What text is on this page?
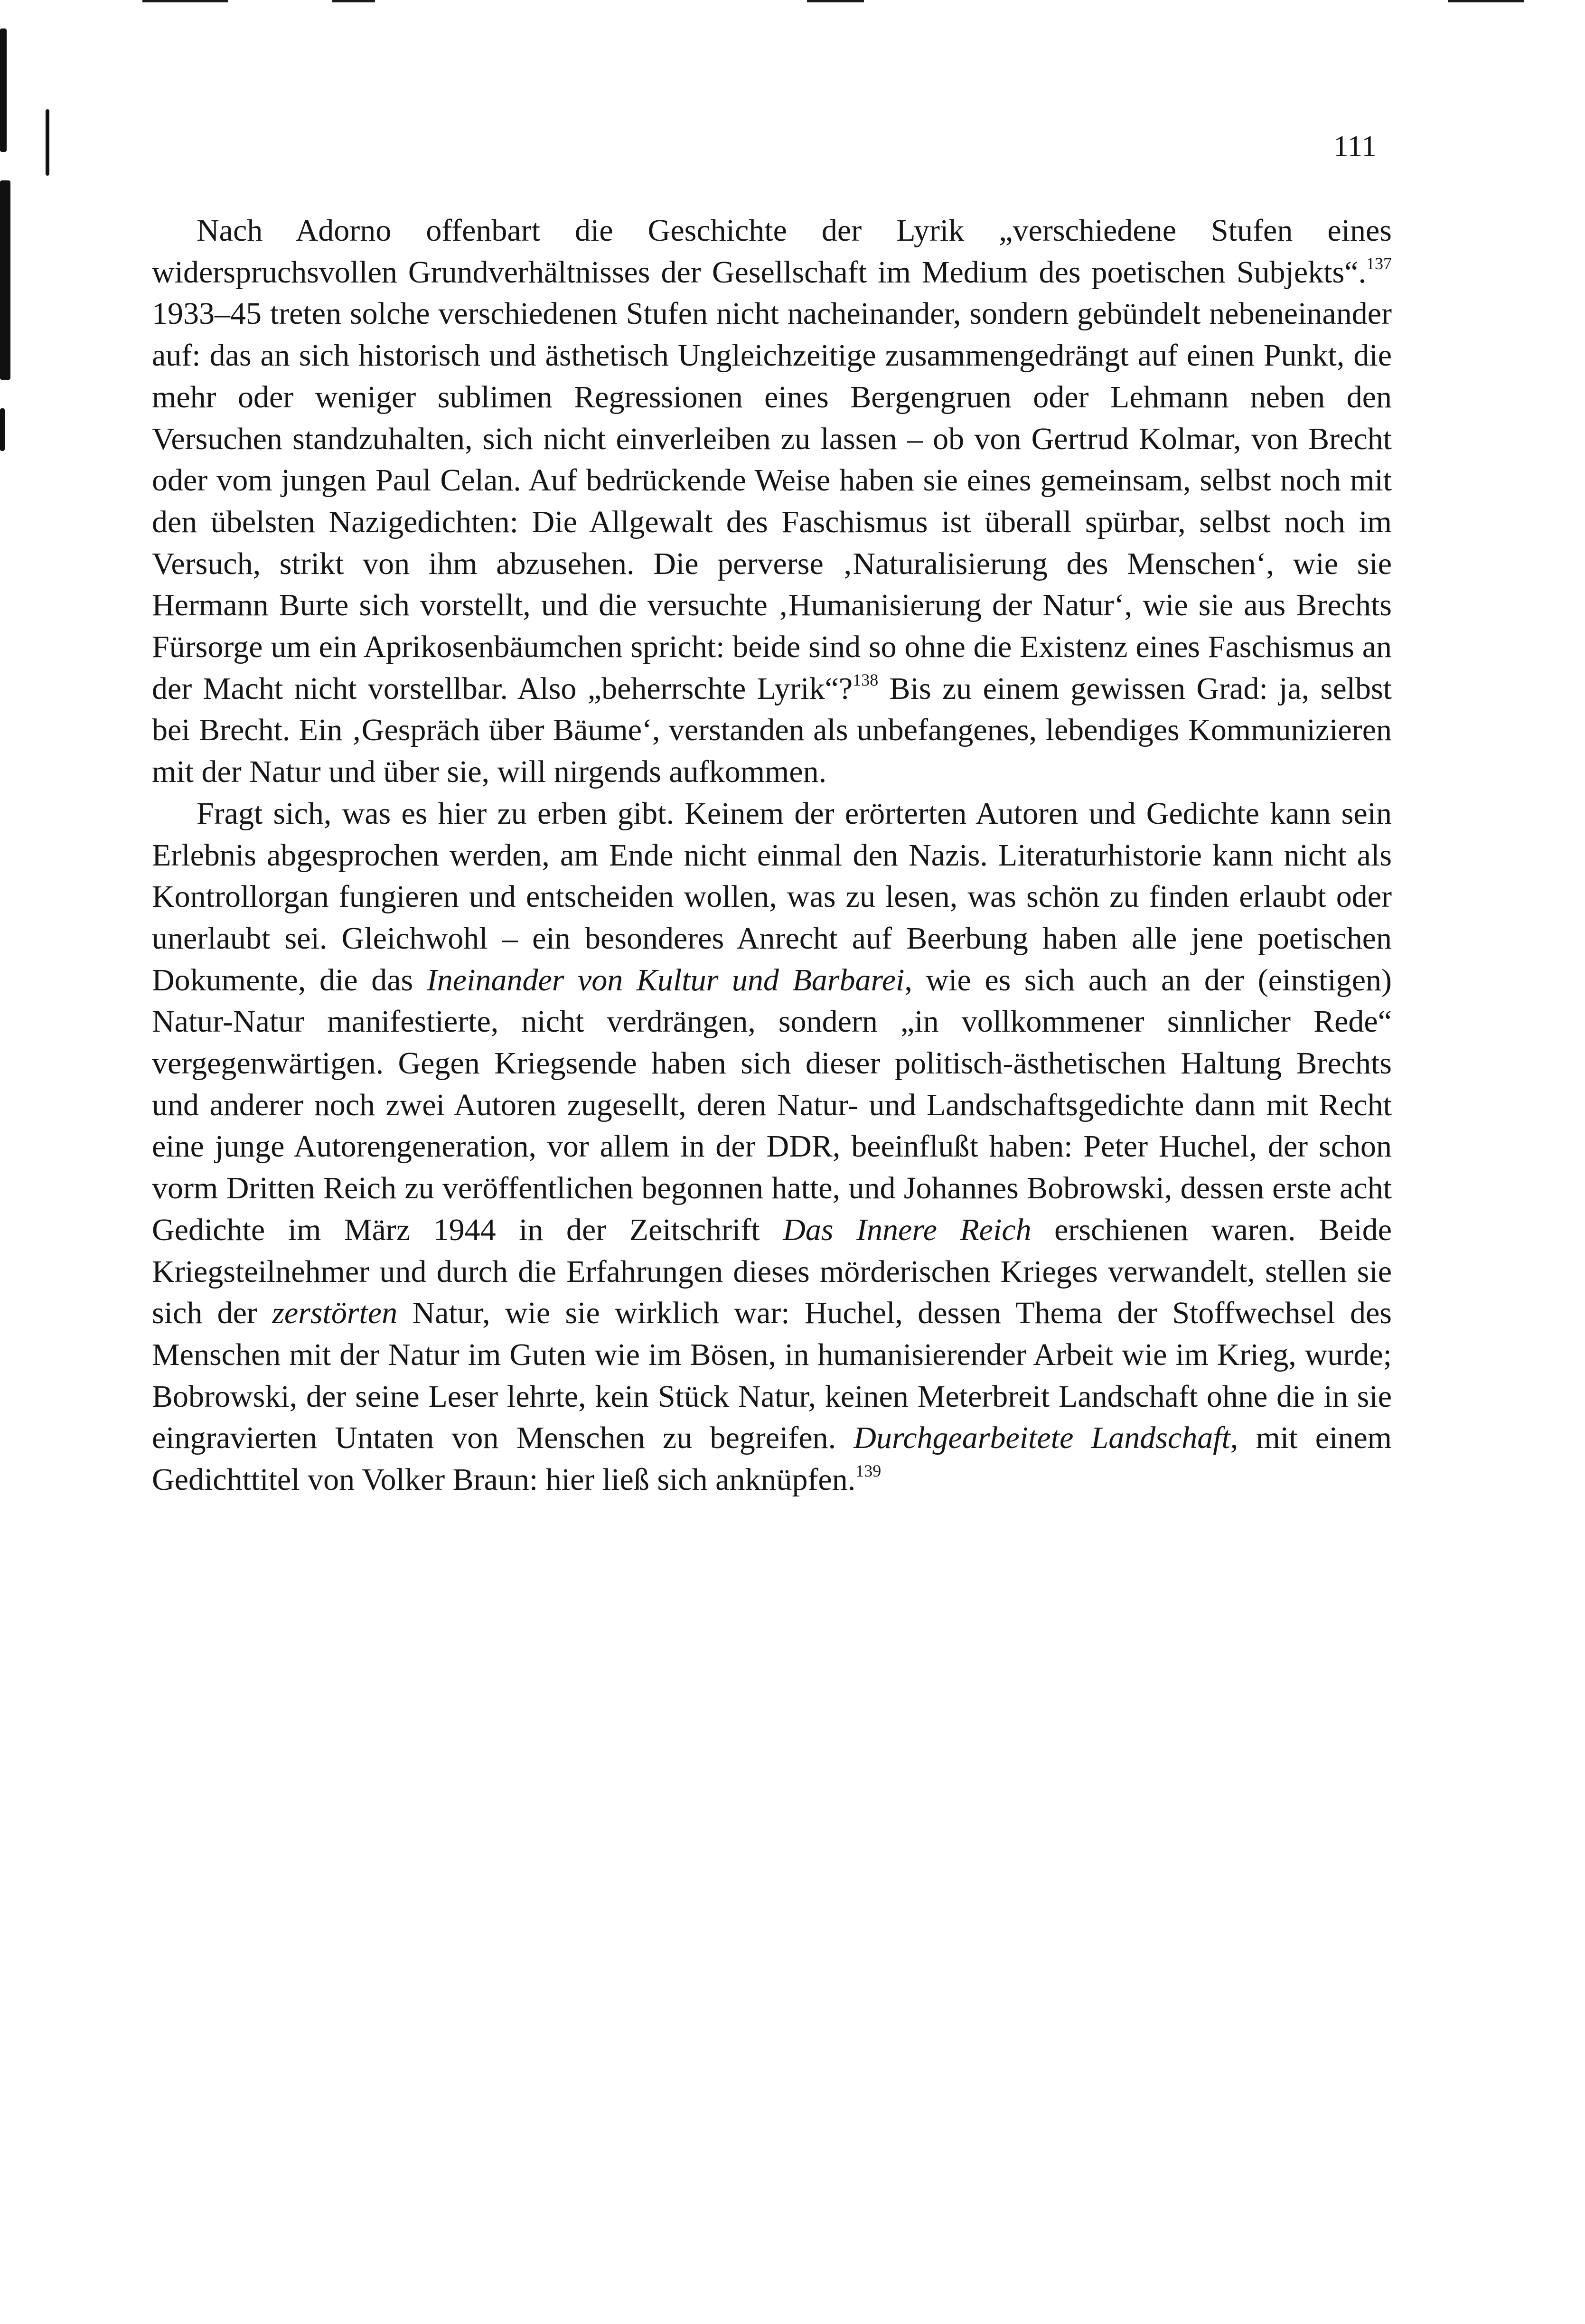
111

Nach Adorno offenbart die Geschichte der Lyrik „verschiedene Stufen eines widerspruchsvollen Grundverhältnisses der Gesellschaft im Medium des poetischen Subjekts“.$^{137}$ 1933–45 treten solche verschiedenen Stufen nicht nacheinander, sondern gebündelt nebeneinander auf: das an sich historisch und ästhetisch Ungleichzeitige zusammengedrängt auf einen Punkt, die mehr oder weniger sublimen Regressionen eines Bergengruen oder Lehmann neben den Versuchen standzuhalten, sich nicht einverleiben zu lassen – ob von Gertrud Kolmar, von Brecht oder vom jungen Paul Celan. Auf bedrückende Weise haben sie eines gemeinsam, selbst noch mit den übelsten Nazigedichten: Die Allgewalt des Faschismus ist überall spürbar, selbst noch im Versuch, strikt von ihm abzusehen. Die perverse ‚Naturalisierung des Menschen‘, wie sie Hermann Burte sich vorstellt, und die versuchte ‚Humanisierung der Natur‘, wie sie aus Brechts Fürsorge um ein Aprikosenbäumchen spricht: beide sind so ohne die Existenz eines Faschismus an der Macht nicht vorstellbar. Also „beherrschte Lyrik“?$^{138}$ Bis zu einem gewissen Grad: ja, selbst bei Brecht. Ein ‚Gespräch über Bäume‘, verstanden als unbefangenes, lebendiges Kommunizieren mit der Natur und über sie, will nirgends aufkommen.

Fragt sich, was es hier zu erben gibt. Keinem der erörterten Autoren und Gedichte kann sein Erlebnis abgesprochen werden, am Ende nicht einmal den Nazis. Literaturhistorie kann nicht als Kontrollorgan fungieren und entscheiden wollen, was zu lesen, was schön zu finden erlaubt oder unerlaubt sei. Gleichwohl – ein besonderes Anrecht auf Beerbung haben alle jene poetischen Dokumente, die das Ineinander von Kultur und Barbarei, wie es sich auch an der (einstigen) Natur-Natur manifestierte, nicht verdrängen, sondern „in vollkommener sinnlicher Rede“ vergegenwärtigen. Gegen Kriegsende haben sich dieser politisch-ästhetischen Haltung Brechts und anderer noch zwei Autoren zugesellt, deren Natur- und Landschaftsgedichte dann mit Recht eine junge Autorengeneration, vor allem in der DDR, beeinflußt haben: Peter Huchel, der schon vorm Dritten Reich zu veröffentlichen begonnen hatte, und Johannes Bobrowski, dessen erste acht Gedichte im März 1944 in der Zeitschrift Das Innere Reich erschienen waren. Beide Kriegsteilnehmer und durch die Erfahrungen dieses mörderischen Krieges verwandelt, stellen sie sich der zerstörten Natur, wie sie wirklich war: Huchel, dessen Thema der Stoffwechsel des Menschen mit der Natur im Guten wie im Bösen, in humanisierender Arbeit wie im Krieg, wurde; Bobrowski, der seine Leser lehrte, kein Stück Natur, keinen Meterbreit Landschaft ohne die in sie eingravierten Untaten von Menschen zu begreifen. Durchgearbeitete Landschaft, mit einem Gedichttitel von Volker Braun: hier ließ sich anknüpfen.$^{139}$
